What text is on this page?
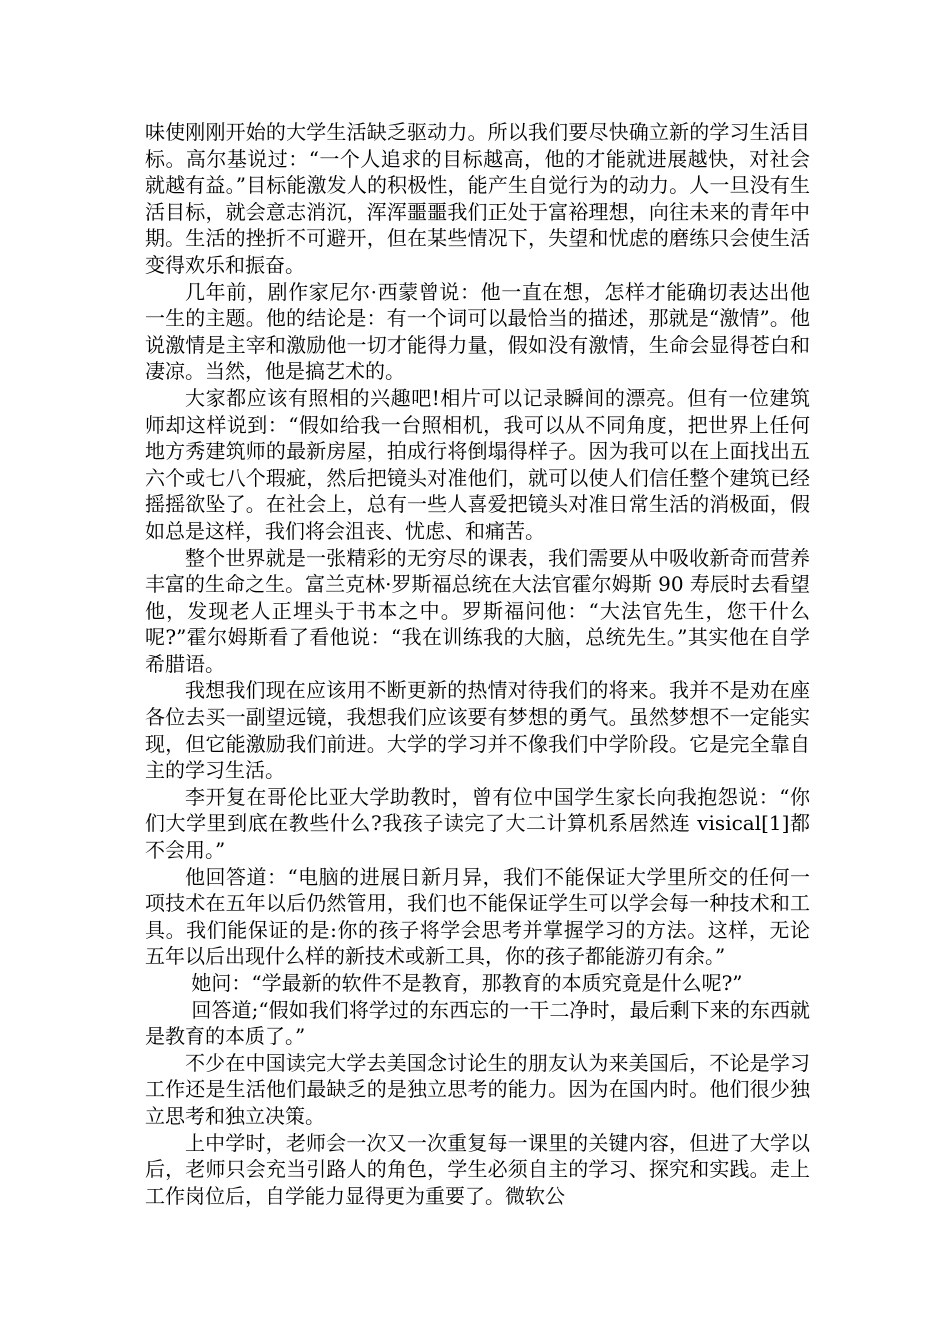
味使刚刚开始的大学生活缺乏驱动力。所以我们要尽快确立新的学习生活目标。高尔基说过：“一个人追求的目标越高，他的才能就进展越快，对社会就越有益。”目标能激发人的积极性，能产生自觉行为的动力。人一旦没有生活目标，就会意志消沉，浑浑噩噩我们正处于富裕理想，向往未来的青年中期。生活的挫折不可避开，但在某些情况下，失望和忧虑的磨练只会使生活变得欢乐和振奋。

几年前，剧作家尼尔·西蒙曾说：他一直在想，怎样才能确切表达出他一生的主题。他的结论是：有一个词可以最恰当的描述，那就是“激情”。他说激情是主宰和激励他一切才能得力量，假如没有激情，生命会显得苍白和凄凉。当然，他是搞艺术的。

大家都应该有照相的兴趣吧!相片可以记录瞬间的漂亮。但有一位建筑师却这样说到：“假如给我一台照相机，我可以从不同角度，把世界上任何地方秀建筑师的最新房屋，拍成行将倒塌得样子。因为我可以在上面找出五六个或七八个瑕疵，然后把镜头对准他们，就可以使人们信任整个建筑已经摇摇欲坠了。在社会上，总有一些人喜爱把镜头对准日常生活的消极面，假如总是这样，我们将会沮丧、忧虑、和痛苦。

整个世界就是一张精彩的无穷尽的课表，我们需要从中吸收新奇而营养丰富的生命之生。富兰克林·罗斯福总统在大法官霍尔姆斯 90 寿辰时去看望他，发现老人正埋头于书本之中。罗斯福问他：“大法官先生，您干什么呢?”霍尔姆斯看了看他说：“我在训练我的大脑，总统先生。”其实他在自学希腊语。

我想我们现在应该用不断更新的热情对待我们的将来。我并不是劝在座各位去买一副望远镜，我想我们应该要有梦想的勇气。虽然梦想不一定能实现，但它能激励我们前进。大学的学习并不像我们中学阶段。它是完全靠自主的学习生活。

李开复在哥伦比亚大学助教时，曾有位中国学生家长向我抱怨说：“你们大学里到底在教些什么?我孩子读完了大二计算机系居然连 visical[1]都不会用。”

他回答道：“电脑的进展日新月异，我们不能保证大学里所交的任何一项技术在五年以后仍然管用，我们也不能保证学生可以学会每一种技术和工具。我们能保证的是:你的孩子将学会思考并掌握学习的方法。这样，无论五年以后出现什么样的新技术或新工具，你的孩子都能游刃有余。”

她问：“学最新的软件不是教育，那教育的本质究竟是什么呢?”

回答道;“假如我们将学过的东西忘的一干二净时，最后剩下来的东西就是教育的本质了。”

不少在中国读完大学去美国念讨论生的朋友认为来美国后，不论是学习工作还是生活他们最缺乏的是独立思考的能力。因为在国内时。他们很少独立思考和独立决策。

上中学时，老师会一次又一次重复每一课里的关键内容，但进了大学以后，老师只会充当引路人的角色，学生必须自主的学习、探究和实践。走上工作岗位后，自学能力显得更为重要了。微软公
